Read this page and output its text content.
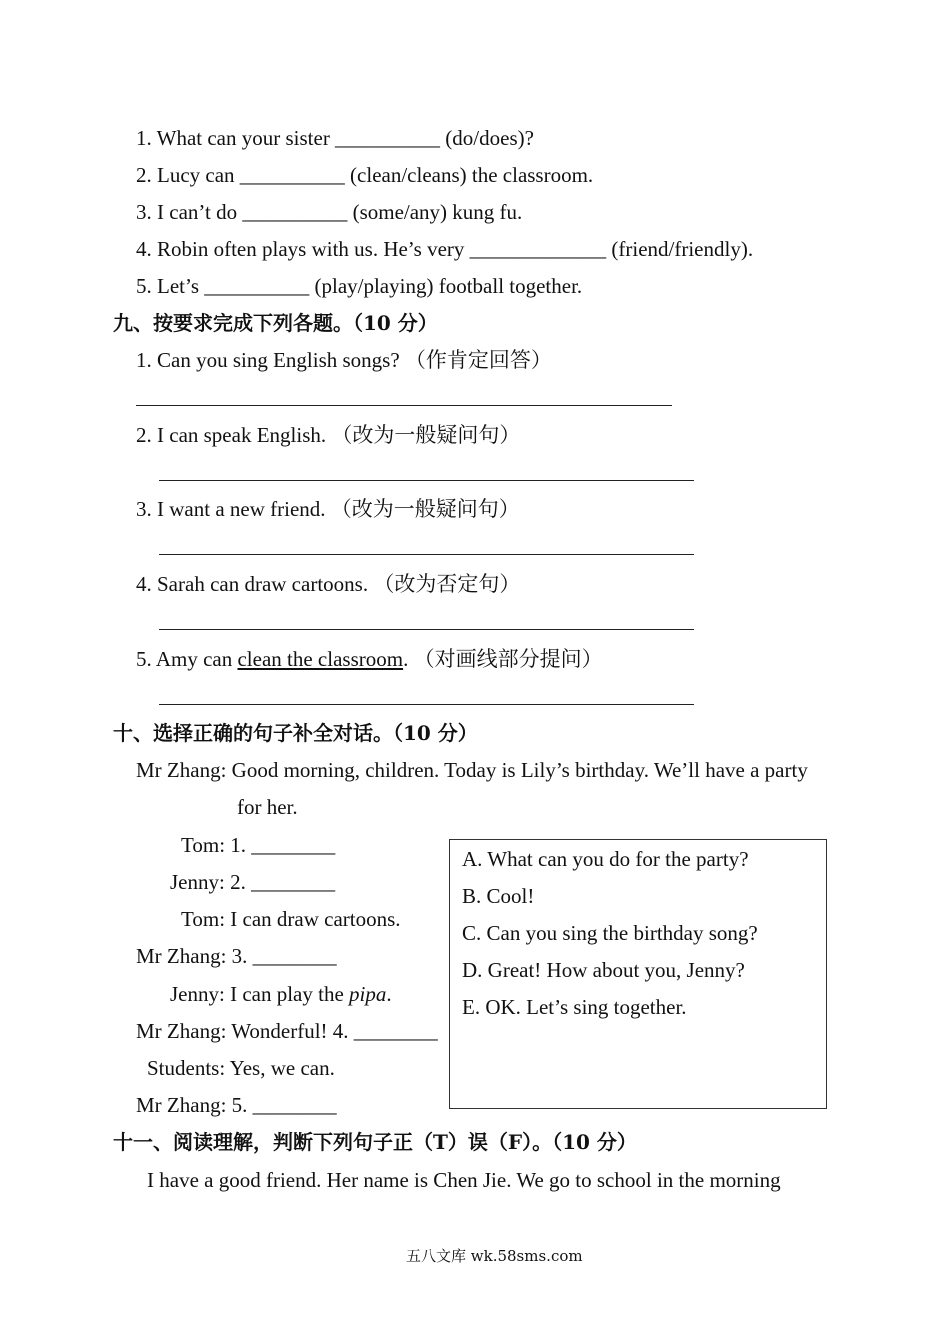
1. What can your sister __________ (do/does)?
2. Lucy can __________ (clean/cleans) the classroom.
3. I can’t do __________ (some/any) kung fu.
4. Robin often plays with us. He’s very _____________ (friend/friendly).
5. Let’s __________ (play/playing) football together.
九、按要求完成下列各题。（10 分）
1. Can you sing English songs? （作肯定回答）
2. I can speak English. （改为一般疑问句）
3. I want a new friend. （改为一般疑问句）
4. Sarah can draw cartoons. （改为否定句）
5. Amy can clean the classroom. （对画线部分提问）
十、选择正确的句子补全对话。（10 分）
Mr Zhang: Good morning, children. Today is Lily’s birthday. We’ll have a party
for her.
Tom: 1. ________
Jenny: 2. ________
Tom: I can draw cartoons.
Mr Zhang: 3. ________
Jenny: I can play the pipa.
Mr Zhang: Wonderful! 4. ________
Students: Yes, we can.
Mr Zhang: 5. ________
A. What can you do for the party?
B. Cool!
C. Can you sing the birthday song?
D. Great! How about you, Jenny?
E. OK. Let’s sing together.
十一、阅读理解，判断下列句子正（T）误（F）。（10 分）
I have a good friend. Her name is Chen Jie. We go to school in the morning
五八文库 wk.58sms.com
